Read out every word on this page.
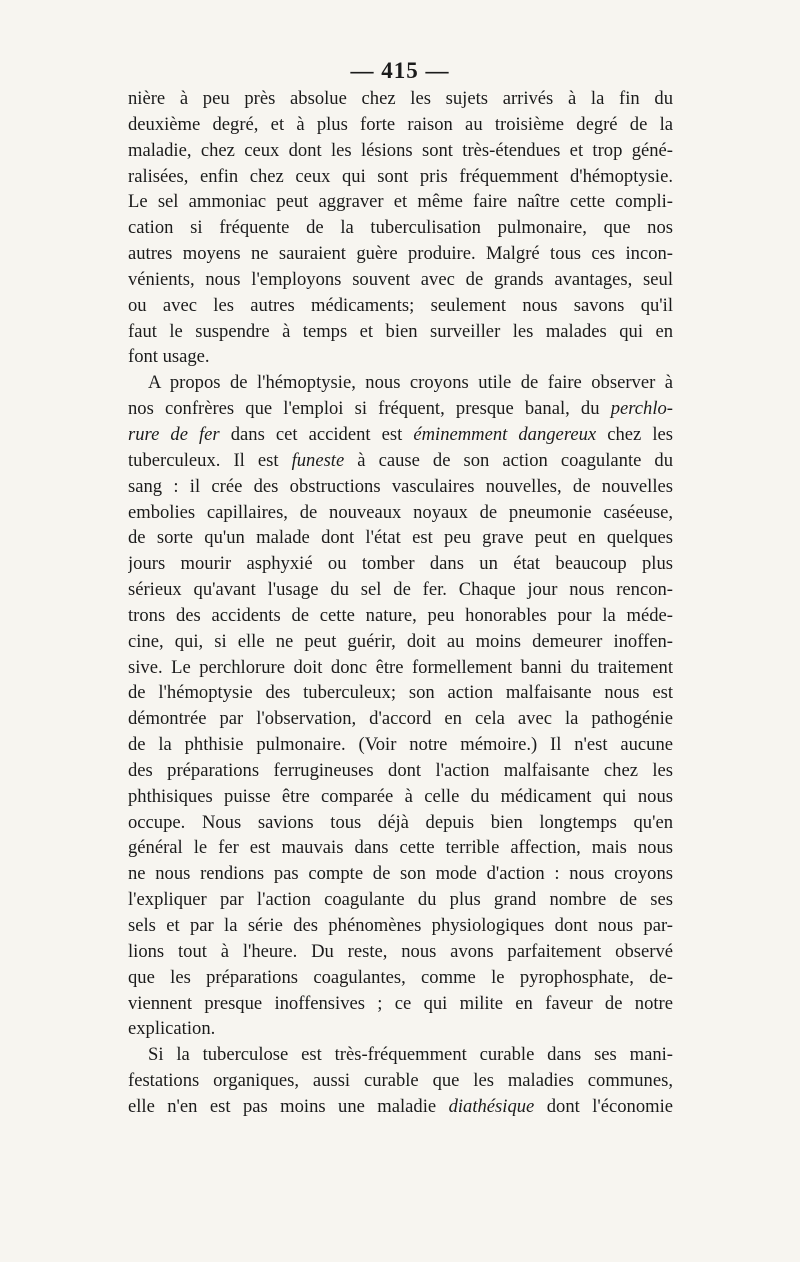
— 415 —
nière à peu près absolue chez les sujets arrivés à la fin du
deuxième degré, et à plus forte raison au troisième degré de la
maladie, chez ceux dont les lésions sont très-étendues et trop géné-
ralisées, enfin chez ceux qui sont pris fréquemment d'hémoptysie.
Le sel ammoniac peut aggraver et même faire naître cette compli-
cation si fréquente de la tuberculisation pulmonaire, que nos
autres moyens ne sauraient guère produire. Malgré tous ces incon-
vénients, nous l'employons souvent avec de grands avantages, seul
ou avec les autres médicaments; seulement nous savons qu'il
faut le suspendre à temps et bien surveiller les malades qui en
font usage.
A propos de l'hémoptysie, nous croyons utile de faire observer à
nos confrères que l'emploi si fréquent, presque banal, du perchlo-
rure de fer dans cet accident est éminemment dangereux chez les
tuberculeux. Il est funeste à cause de son action coagulante du
sang : il crée des obstructions vasculaires nouvelles, de nouvelles
embolies capillaires, de nouveaux noyaux de pneumonie caséeuse,
de sorte qu'un malade dont l'état est peu grave peut en quelques
jours mourir asphyxié ou tomber dans un état beaucoup plus
sérieux qu'avant l'usage du sel de fer. Chaque jour nous rencon-
trons des accidents de cette nature, peu honorables pour la méde-
cine, qui, si elle ne peut guérir, doit au moins demeurer inoffen-
sive. Le perchlorure doit donc être formellement banni du traitement
de l'hémoptysie des tuberculeux; son action malfaisante nous est
démontrée par l'observation, d'accord en cela avec la pathogénie
de la phthisie pulmonaire. (Voir notre mémoire.) Il n'est aucune
des préparations ferrugineuses dont l'action malfaisante chez les
phthisiques puisse être comparée à celle du médicament qui nous
occupe. Nous savions tous déjà depuis bien longtemps qu'en
général le fer est mauvais dans cette terrible affection, mais nous
ne nous rendions pas compte de son mode d'action : nous croyons
l'expliquer par l'action coagulante du plus grand nombre de ses
sels et par la série des phénomènes physiologiques dont nous par-
lions tout à l'heure. Du reste, nous avons parfaitement observé
que les préparations coagulantes, comme le pyrophosphate, de-
viennent presque inoffensives ; ce qui milite en faveur de notre
explication.
Si la tuberculose est très-fréquemment curable dans ses mani-
festations organiques, aussi curable que les maladies communes,
elle n'en est pas moins une maladie diathésique dont l'économie
